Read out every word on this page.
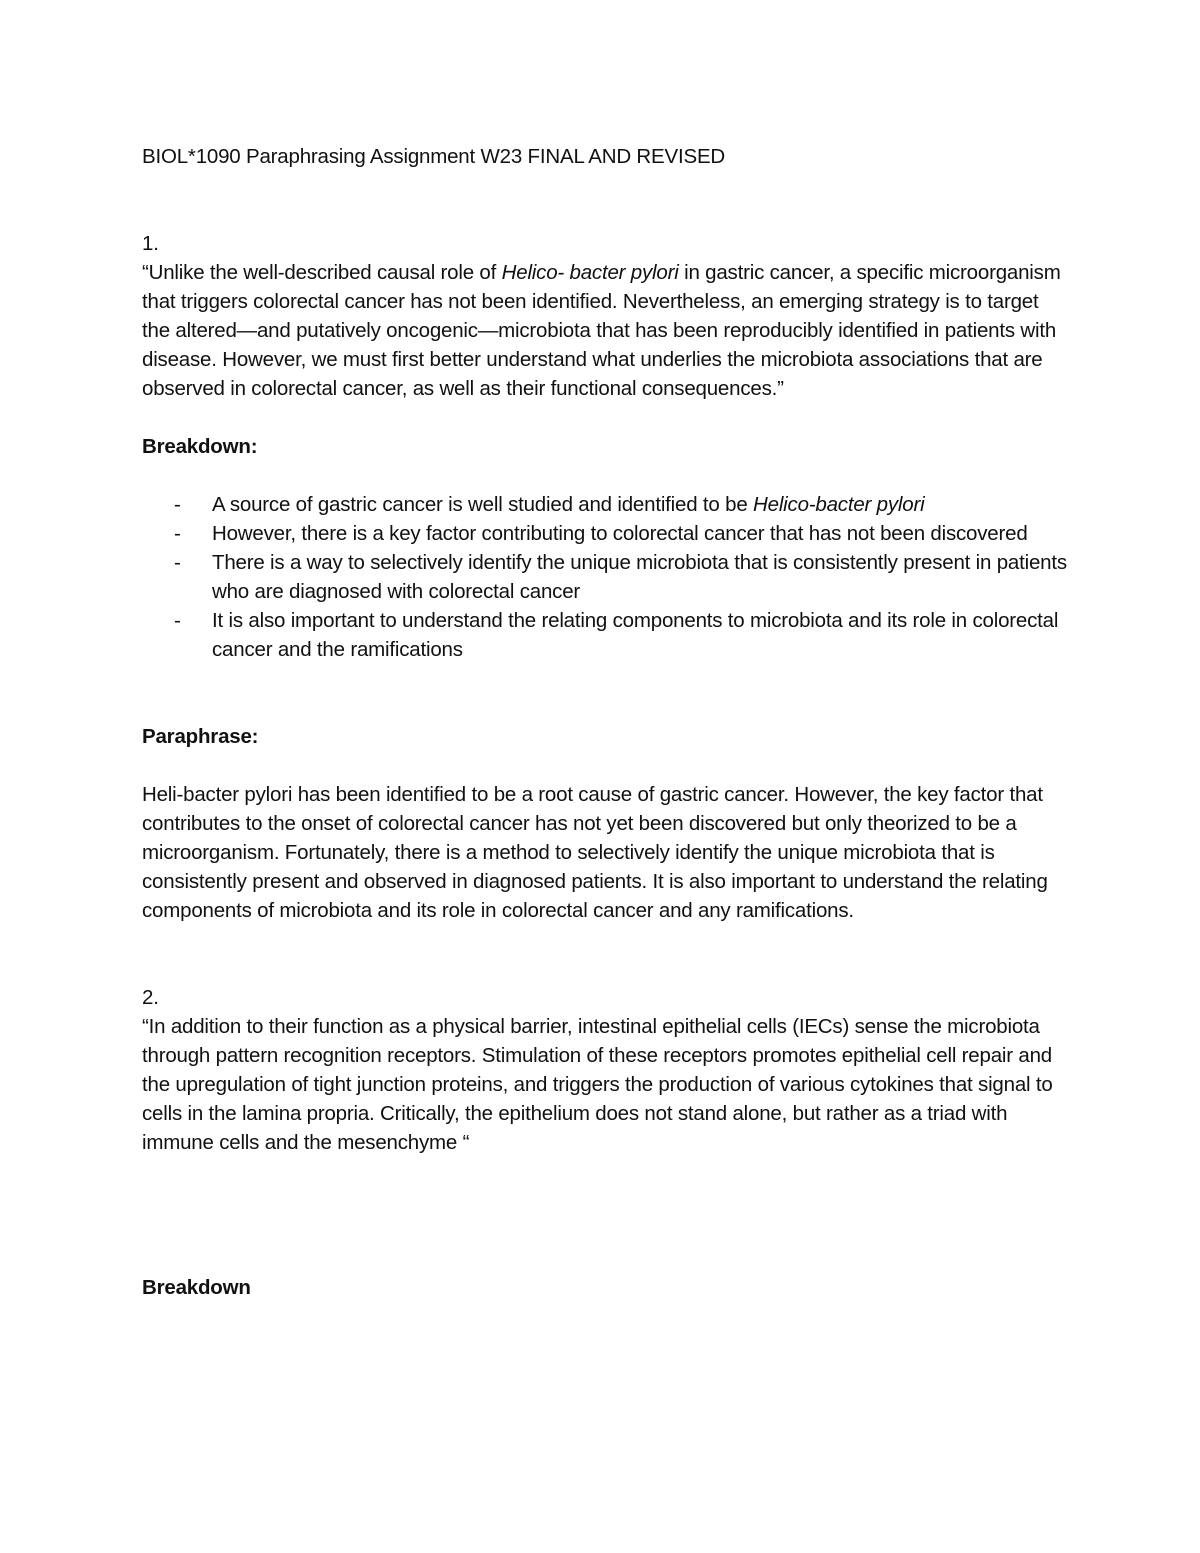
BIOL*1090 Paraphrasing Assignment W23 FINAL AND REVISED

1.

“Unlike the well-described causal role of Helico- bacter pylori in gastric cancer, a specific microorganism that triggers colorectal cancer has not been identified. Nevertheless, an emerging strategy is to target the altered—and putatively oncogenic—microbiota that has been reproducibly identified in patients with disease. However, we must first better understand what underlies the microbiota associations that are observed in colorectal cancer, as well as their functional consequences.”

Breakdown:

- A source of gastric cancer is well studied and identified to be Helico-bacter pylori
- However, there is a key factor contributing to colorectal cancer that has not been discovered
- There is a way to selectively identify the unique microbiota that is consistently present in patients who are diagnosed with colorectal cancer
- It is also important to understand the relating components to microbiota and its role in colorectal cancer and the ramifications

Paraphrase:

Heli-bacter pylori has been identified to be a root cause of gastric cancer. However, the key factor that contributes to the onset of colorectal cancer has not yet been discovered but only theorized to be a microorganism. Fortunately, there is a method to selectively identify the unique microbiota that is consistently present and observed in diagnosed patients. It is also important to understand the relating components of microbiota and its role in colorectal cancer and any ramifications.

2.

“In addition to their function as a physical barrier, intestinal epithelial cells (IECs) sense the microbiota through pattern recognition receptors. Stimulation of these receptors promotes epithelial cell repair and the upregulation of tight junction proteins, and triggers the production of various cytokines that signal to cells in the lamina propria. Critically, the epithelium does not stand alone, but rather as a triad with immune cells and the mesenchyme “

Breakdown
